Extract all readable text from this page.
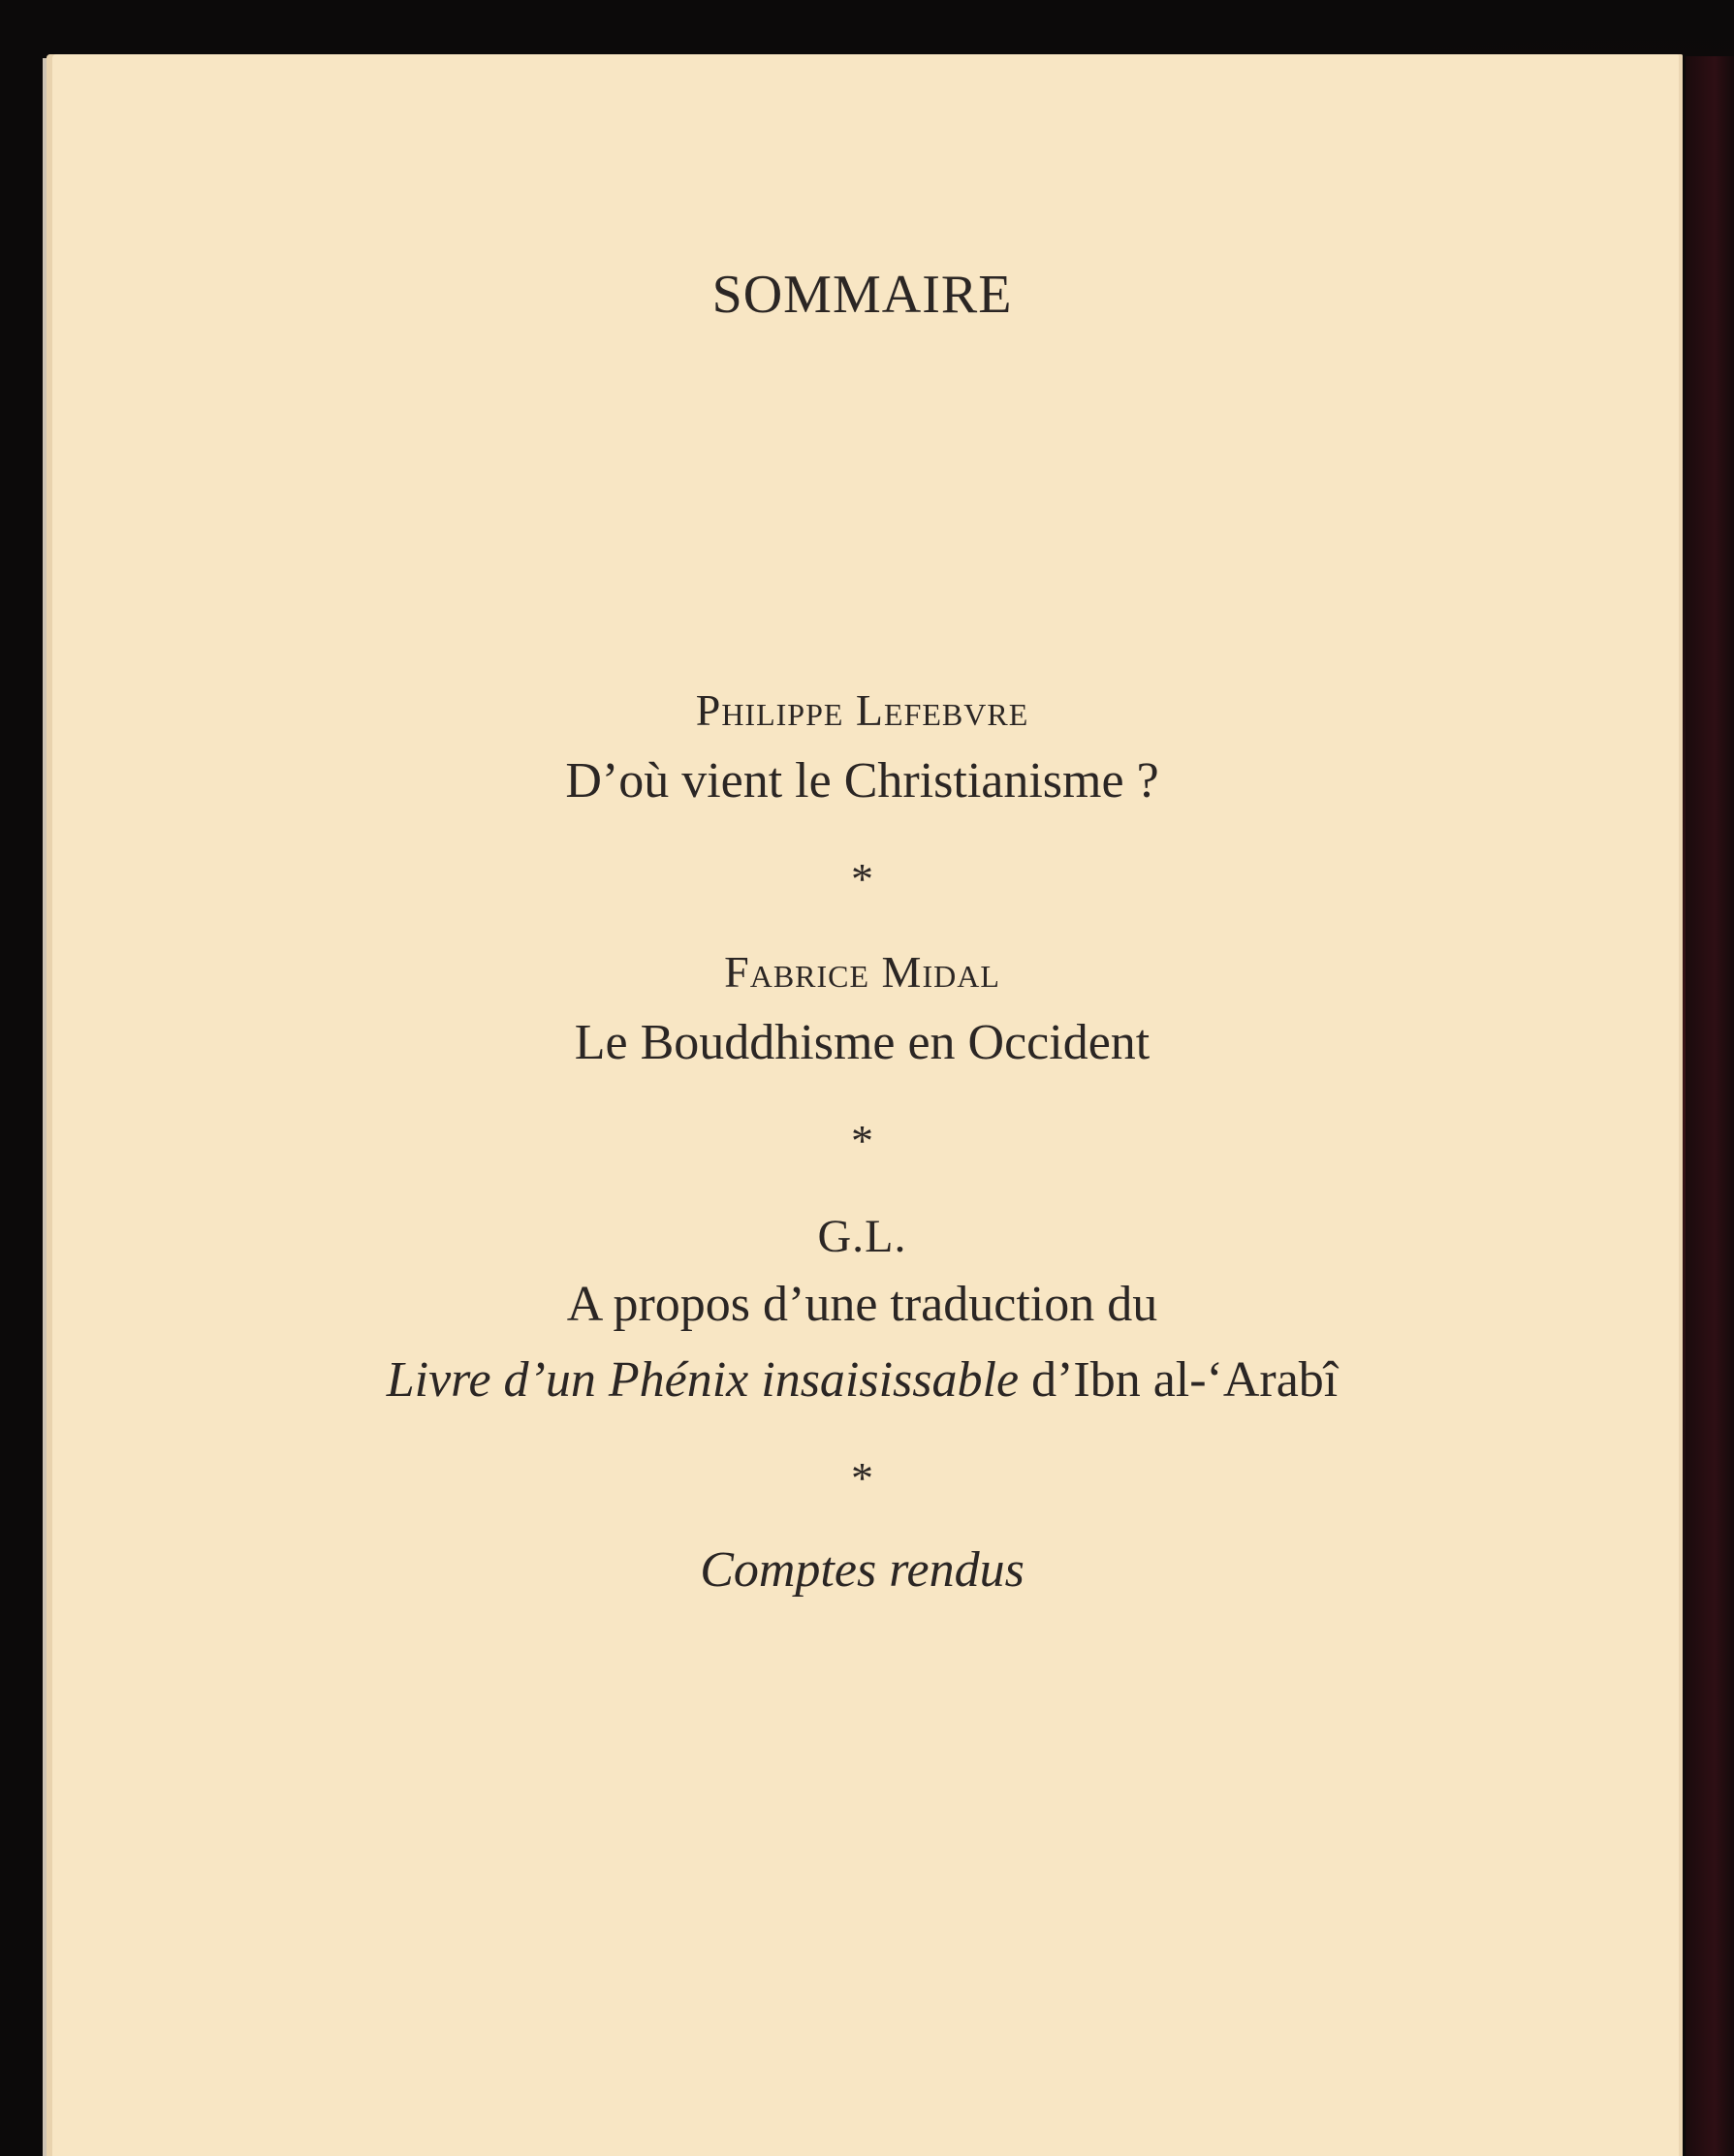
SOMMAIRE
Philippe Lefebvre
D’où vient le Christianisme ?
*
Fabrice Midal
Le Bouddhisme en Occident
*
G.L.
A propos d’une traduction du
Livre d’un Phénix insaisissable d’Ibn al-‘Arabî
*
Comptes rendus
